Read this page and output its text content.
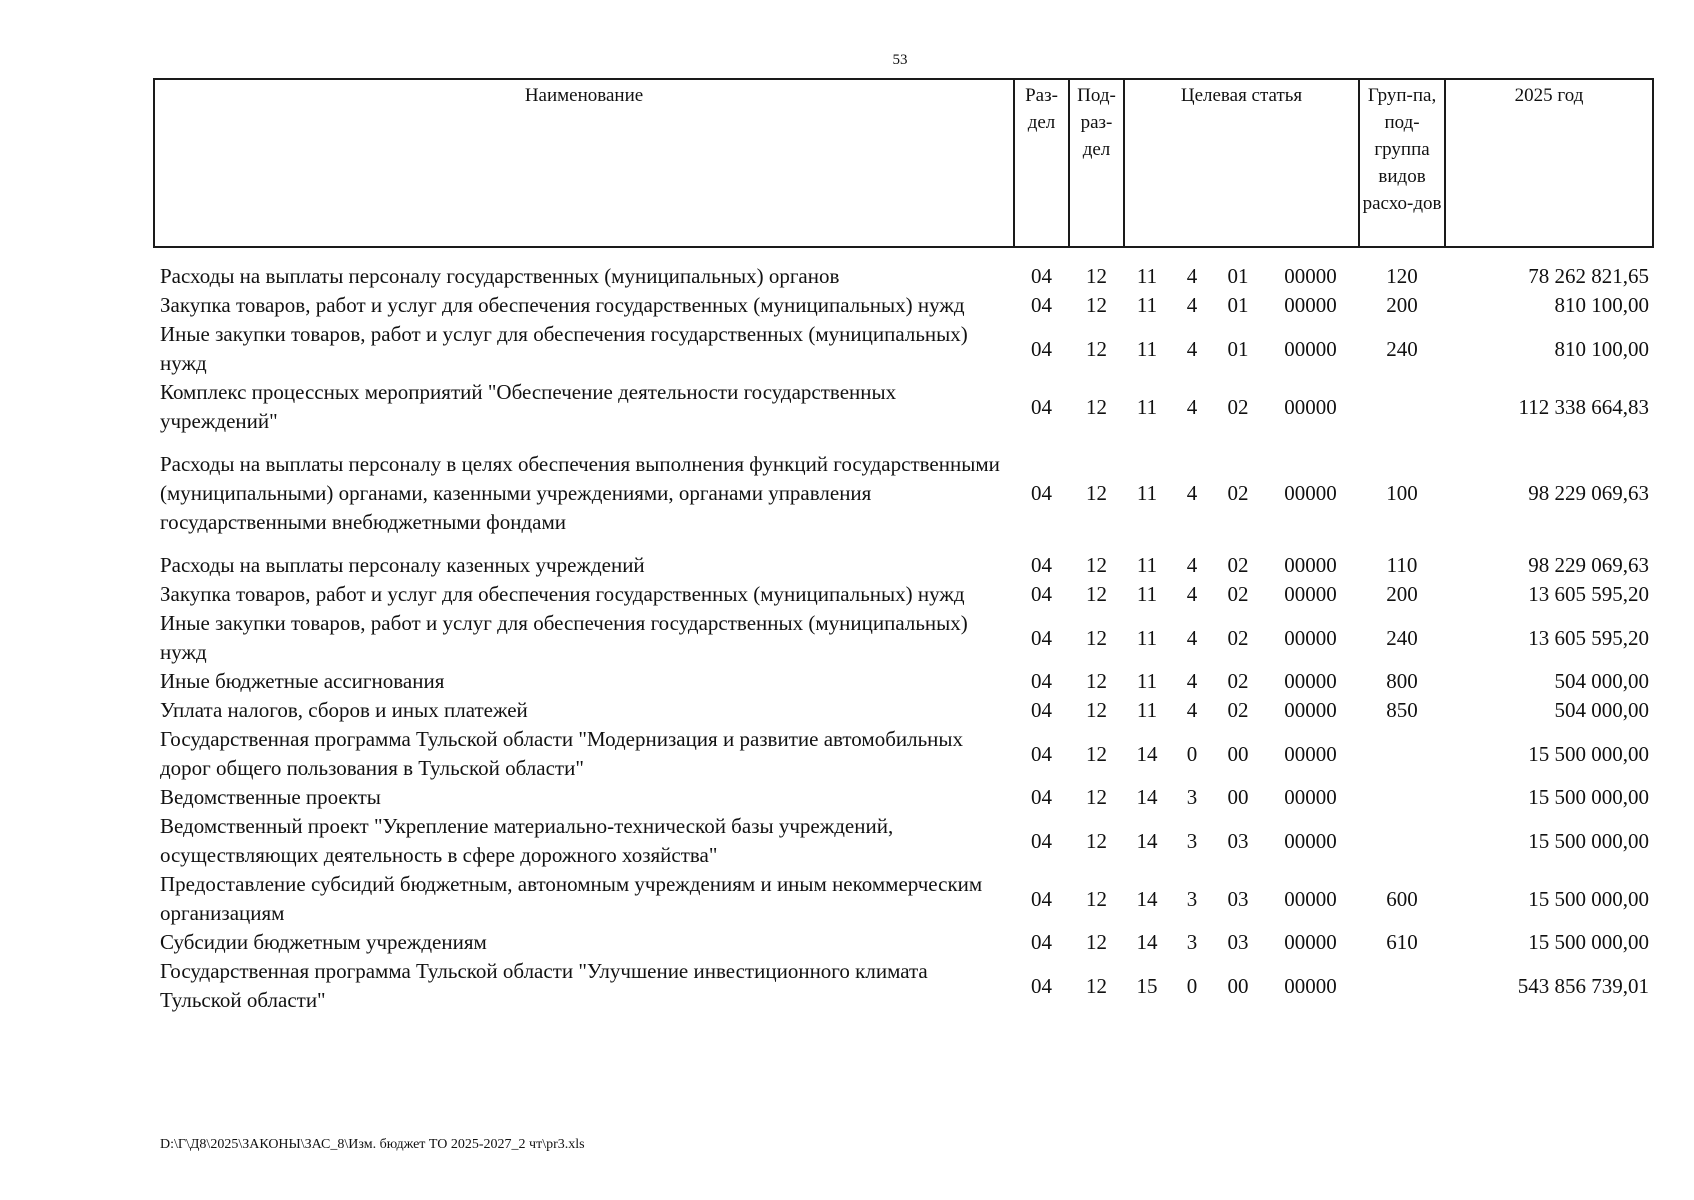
53
Наименование	Раз-дел	Под-раз-дел	Целевая статья				Груп-па, под-группа видов расхо-дов	2025 год

Расходы на выплаты персоналу государственных (муниципальных) органов	04	12	11	4	01	00000	120	78 262 821,65
Закупка товаров, работ и услуг для обеспечения государственных (муниципальных) нужд	04	12	11	4	01	00000	200	810 100,00
Иные закупки товаров, работ и услуг для обеспечения государственных (муниципальных) нужд	04	12	11	4	01	00000	240	810 100,00
Комплекс процессных мероприятий "Обеспечение деятельности государственных учреждений"	04	12	11	4	02	00000		112 338 664,83

Расходы на выплаты персоналу в целях обеспечения выполнения функций государственными (муниципальными) органами, казенными учреждениями, органами управления государственными внебюджетными фондами	04	12	11	4	02	00000	100	98 229 069,63

Расходы на выплаты персоналу казенных учреждений	04	12	11	4	02	00000	110	98 229 069,63
Закупка товаров, работ и услуг для обеспечения государственных (муниципальных) нужд	04	12	11	4	02	00000	200	13 605 595,20
Иные закупки товаров, работ и услуг для обеспечения государственных (муниципальных) нужд	04	12	11	4	02	00000	240	13 605 595,20
Иные бюджетные ассигнования	04	12	11	4	02	00000	800	504 000,00
Уплата налогов, сборов и иных платежей	04	12	11	4	02	00000	850	504 000,00
Государственная программа Тульской области "Модернизация и развитие автомобильных дорог общего пользования в Тульской области"	04	12	14	0	00	00000		15 500 000,00
Ведомственные проекты	04	12	14	3	00	00000		15 500 000,00
Ведомственный проект "Укрепление материально-технической базы учреждений, осуществляющих деятельность в сфере дорожного хозяйства"	04	12	14	3	03	00000		15 500 000,00
Предоставление субсидий бюджетным, автономным учреждениям и иным некоммерческим организациям	04	12	14	3	03	00000	600	15 500 000,00
Субсидии бюджетным учреждениям	04	12	14	3	03	00000	610	15 500 000,00
Государственная программа Тульской области "Улучшение инвестиционного климата Тульской области"	04	12	15	0	00	00000		543 856 739,01
D:\Г\Д8\2025\ЗАКОНЫ\ЗАС_8\Изм. бюджет ТО 2025-2027_2 чт\pr3.xls
